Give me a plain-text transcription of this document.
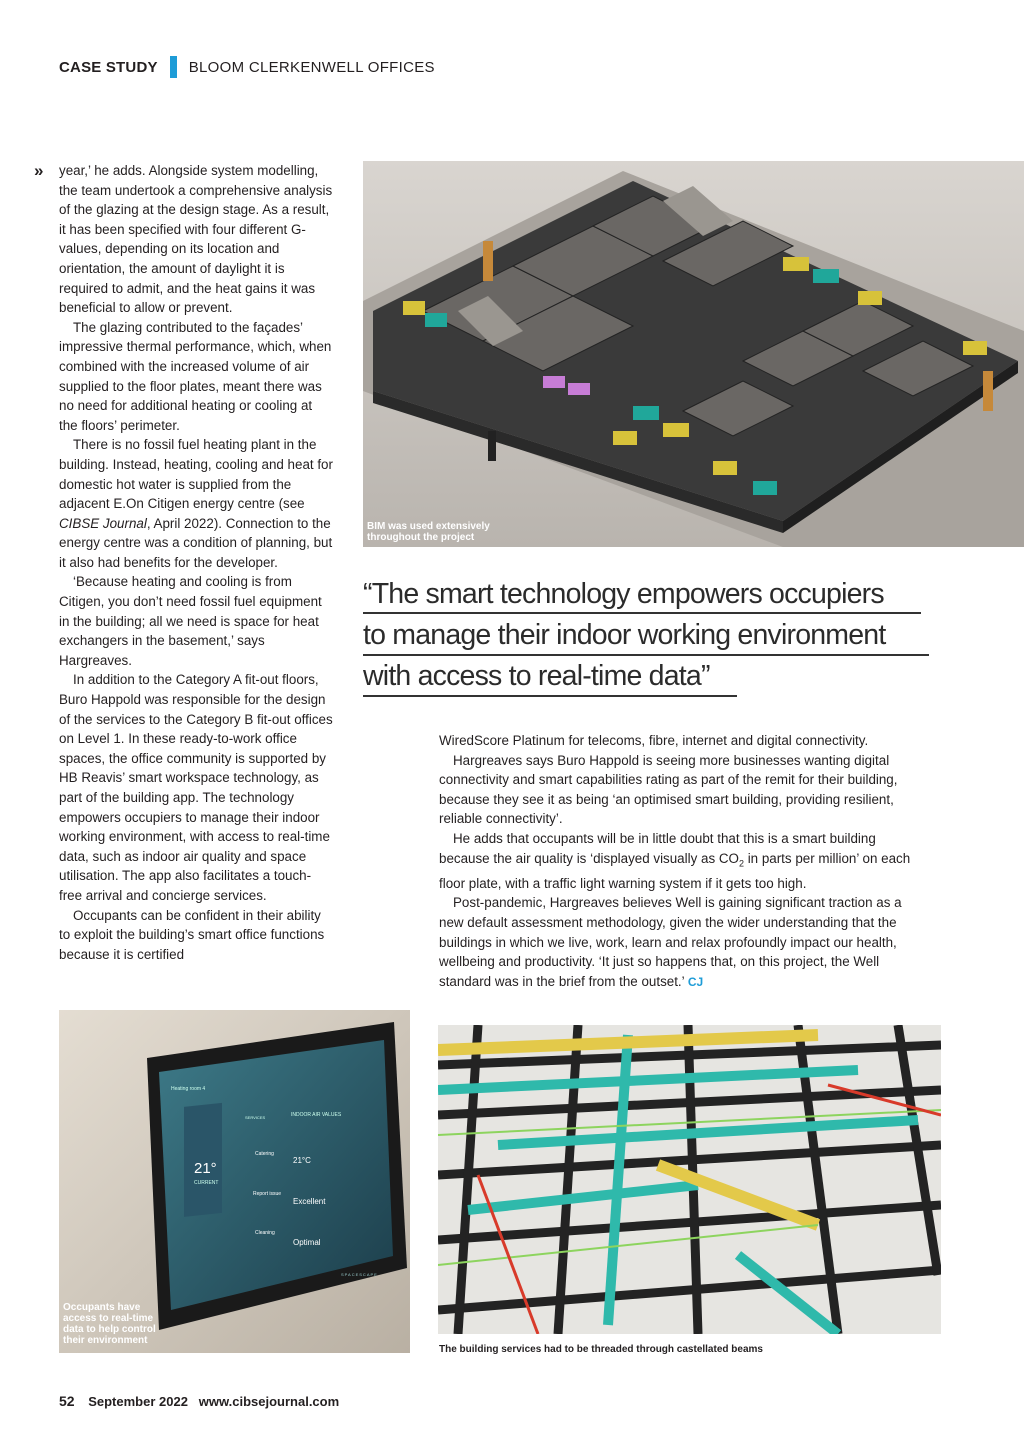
CASE STUDY BLOOM CLERKENWELL OFFICES
» year,’ he adds. Alongside system modelling, the team undertook a comprehensive analysis of the glazing at the design stage. As a result, it has been specified with four different G-values, depending on its location and orientation, the amount of daylight it is required to admit, and the heat gains it was beneficial to allow or prevent.

The glazing contributed to the façades’ impressive thermal performance, which, when combined with the increased volume of air supplied to the floor plates, meant there was no need for additional heating or cooling at the floors’ perimeter.

There is no fossil fuel heating plant in the building. Instead, heating, cooling and heat for domestic hot water is supplied from the adjacent E.On Citigen energy centre (see CIBSE Journal, April 2022). Connection to the energy centre was a condition of planning, but it also had benefits for the developer.

‘Because heating and cooling is from Citigen, you don’t need fossil fuel equipment in the building; all we need is space for heat exchangers in the basement,’ says Hargreaves.

In addition to the Category A fit-out floors, Buro Happold was responsible for the design of the services to the Category B fit-out offices on Level 1. In these ready-to-work office spaces, the office community is supported by HB Reavis’ smart workspace technology, as part of the building app. The technology empowers occupiers to manage their indoor working environment, with access to real-time data, such as indoor air quality and space utilisation. The app also facilitates a touch-free arrival and concierge services.

Occupants can be confident in their ability to exploit the building’s smart office functions because it is certified

BIM was used extensively throughout the project
“The smart technology empowers occupiers
to manage their indoor working environment
with access to real-time data”

WiredScore Platinum for telecoms, fibre, internet and digital connectivity.

Hargreaves says Buro Happold is seeing more businesses wanting digital connectivity and smart capabilities rating as part of the remit for their building, because they see it as being ‘an optimised smart building, providing resilient, reliable connectivity’.

He adds that occupants will be in little doubt that this is a smart building because the air quality is ‘displayed visually as $CO_2$ in parts per million’ on each floor plate, with a traffic light warning system if it gets too high.

Post-pandemic, Hargreaves believes Well is gaining significant traction as a new default assessment methodology, given the wider understanding that the buildings in which we live, work, learn and relax profoundly impact our health, wellbeing and productivity. ‘It just so happens that, on this project, the Well standard was in the brief from the outset.’ CJ

Heating room 4
21°
CURRENT
SERVICES	INDOOR AIR VALUES
Catering
Report issue
Cleaning
21°C
Excellent
Optimal
SPACESCAPE
Occupants have access to real-time data to help control their environment
The building services had to be threaded through castellated beams
52 September 2022 www.cibsejournal.com
